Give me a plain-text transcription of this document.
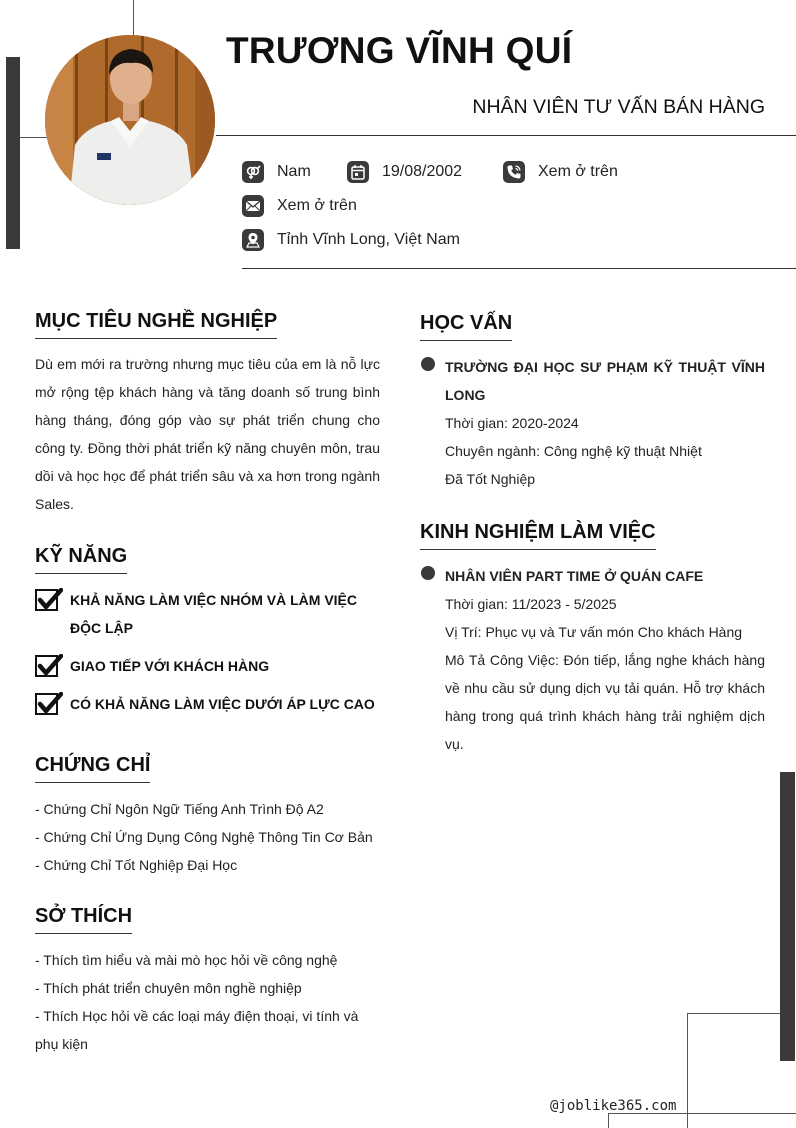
TRƯƠNG VĨNH QUÍ
NHÂN VIÊN TƯ VẤN BÁN HÀNG
Nam	19/08/2002	Xem ở trên
Xem ở trên
Tỉnh Vĩnh Long, Việt Nam
MỤC TIÊU NGHỀ NGHIỆP
Dù em mới ra trường nhưng mục tiêu của em là nỗ lực mở rộng tệp khách hàng và tăng doanh số trung bình hàng tháng, đóng góp vào sự phát triển chung cho công ty. Đồng thời phát triển kỹ năng chuyên môn, trau dồi và học học để phát triển sâu và xa hơn trong ngành Sales.
KỸ NĂNG
KHẢ NĂNG LÀM VIỆC NHÓM VÀ LÀM VIỆC ĐỘC LẬP
GIAO TIẾP VỚI KHÁCH HÀNG
CÓ KHẢ NĂNG LÀM VIỆC DƯỚI ÁP LỰC CAO
CHỨNG CHỈ
- Chứng Chỉ Ngôn Ngữ Tiếng Anh Trình Độ A2
- Chứng Chỉ Ứng Dụng Công Nghệ Thông Tin Cơ Bản
- Chứng Chỉ Tốt Nghiệp Đại Học
SỞ THÍCH
- Thích tìm hiểu và mài mò học hỏi về công nghệ
- Thích phát triển chuyên môn nghề nghiệp
- Thích Học hỏi về các loại máy điện thoại, vi tính và phụ kiện
HỌC VẤN
TRƯỜNG ĐẠI HỌC SƯ PHẠM KỸ THUẬT VĨNH LONG
Thời gian: 2020-2024
Chuyên ngành: Công nghệ kỹ thuật Nhiệt
Đã Tốt Nghiệp
KINH NGHIỆM LÀM VIỆC
NHÂN VIÊN PART TIME Ở QUÁN CAFE
Thời gian: 11/2023 - 5/2025
Vị Trí: Phục vụ và Tư vấn món Cho khách Hàng
Mô Tả Công Việc: Đón tiếp, lắng nghe khách hàng về nhu cầu sử dụng dịch vụ tải quán. Hỗ trợ khách hàng trong quá trình khách hàng trải nghiệm dịch vụ.
@joblike365.com
